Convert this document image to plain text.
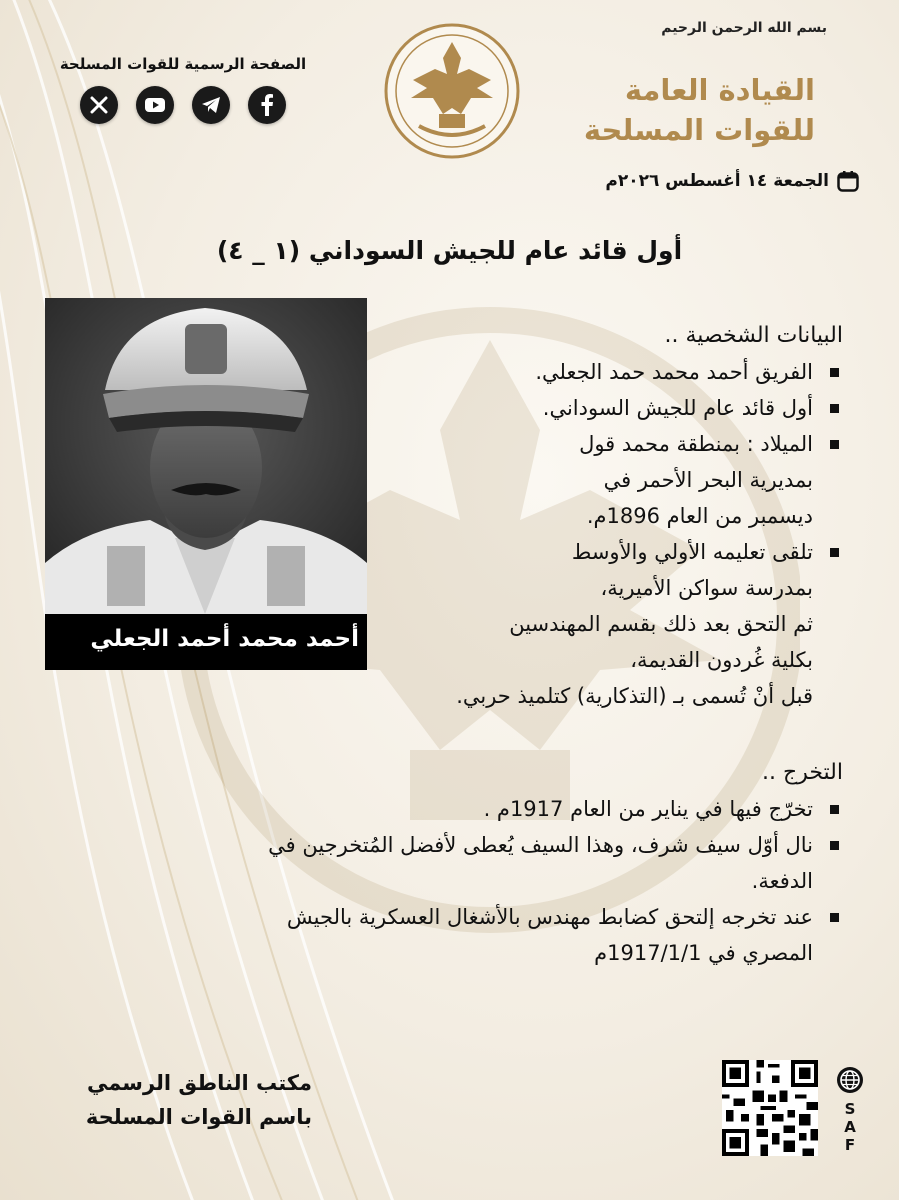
الصفحة الرسمية للقوات المسلحة
بسم الله الرحمن الرحيم
القيادة العامة
للقوات المسلحة
الجمعة ١٤ أغسطس ٢٠٢٦م
أول قائد عام للجيش السوداني (١ _ ٤)
أحمد محمد أحمد الجعلي
البيانات الشخصية ..
الفريق أحمد محمد حمد الجعلي.
أول قائد عام للجيش السوداني.
الميلاد : بمنطقة محمد قول
بمديرية البحر الأحمر في
ديسمبر من العام 1896م.
تلقى تعليمه الأولي والأوسط
بمدرسة سواكن الأميرية،
ثم التحق بعد ذلك بقسم المهندسين
بكلية غُردون القديمة،
قبل أنْ تُسمى بـ (التذكارية) كتلميذ حربي.
التخرج ..
تخرّج فيها في يناير من العام 1917م .
نال أوّل سيف شرف، وهذا السيف يُعطى لأفضل المُتخرجين في
الدفعة.
عند تخرجه إلتحق كضابط مهندس بالأشغال العسكرية بالجيش
المصري في 1917/1/1م
مكتب الناطق الرسمي
باسم القوات المسلحة	S
A
F
